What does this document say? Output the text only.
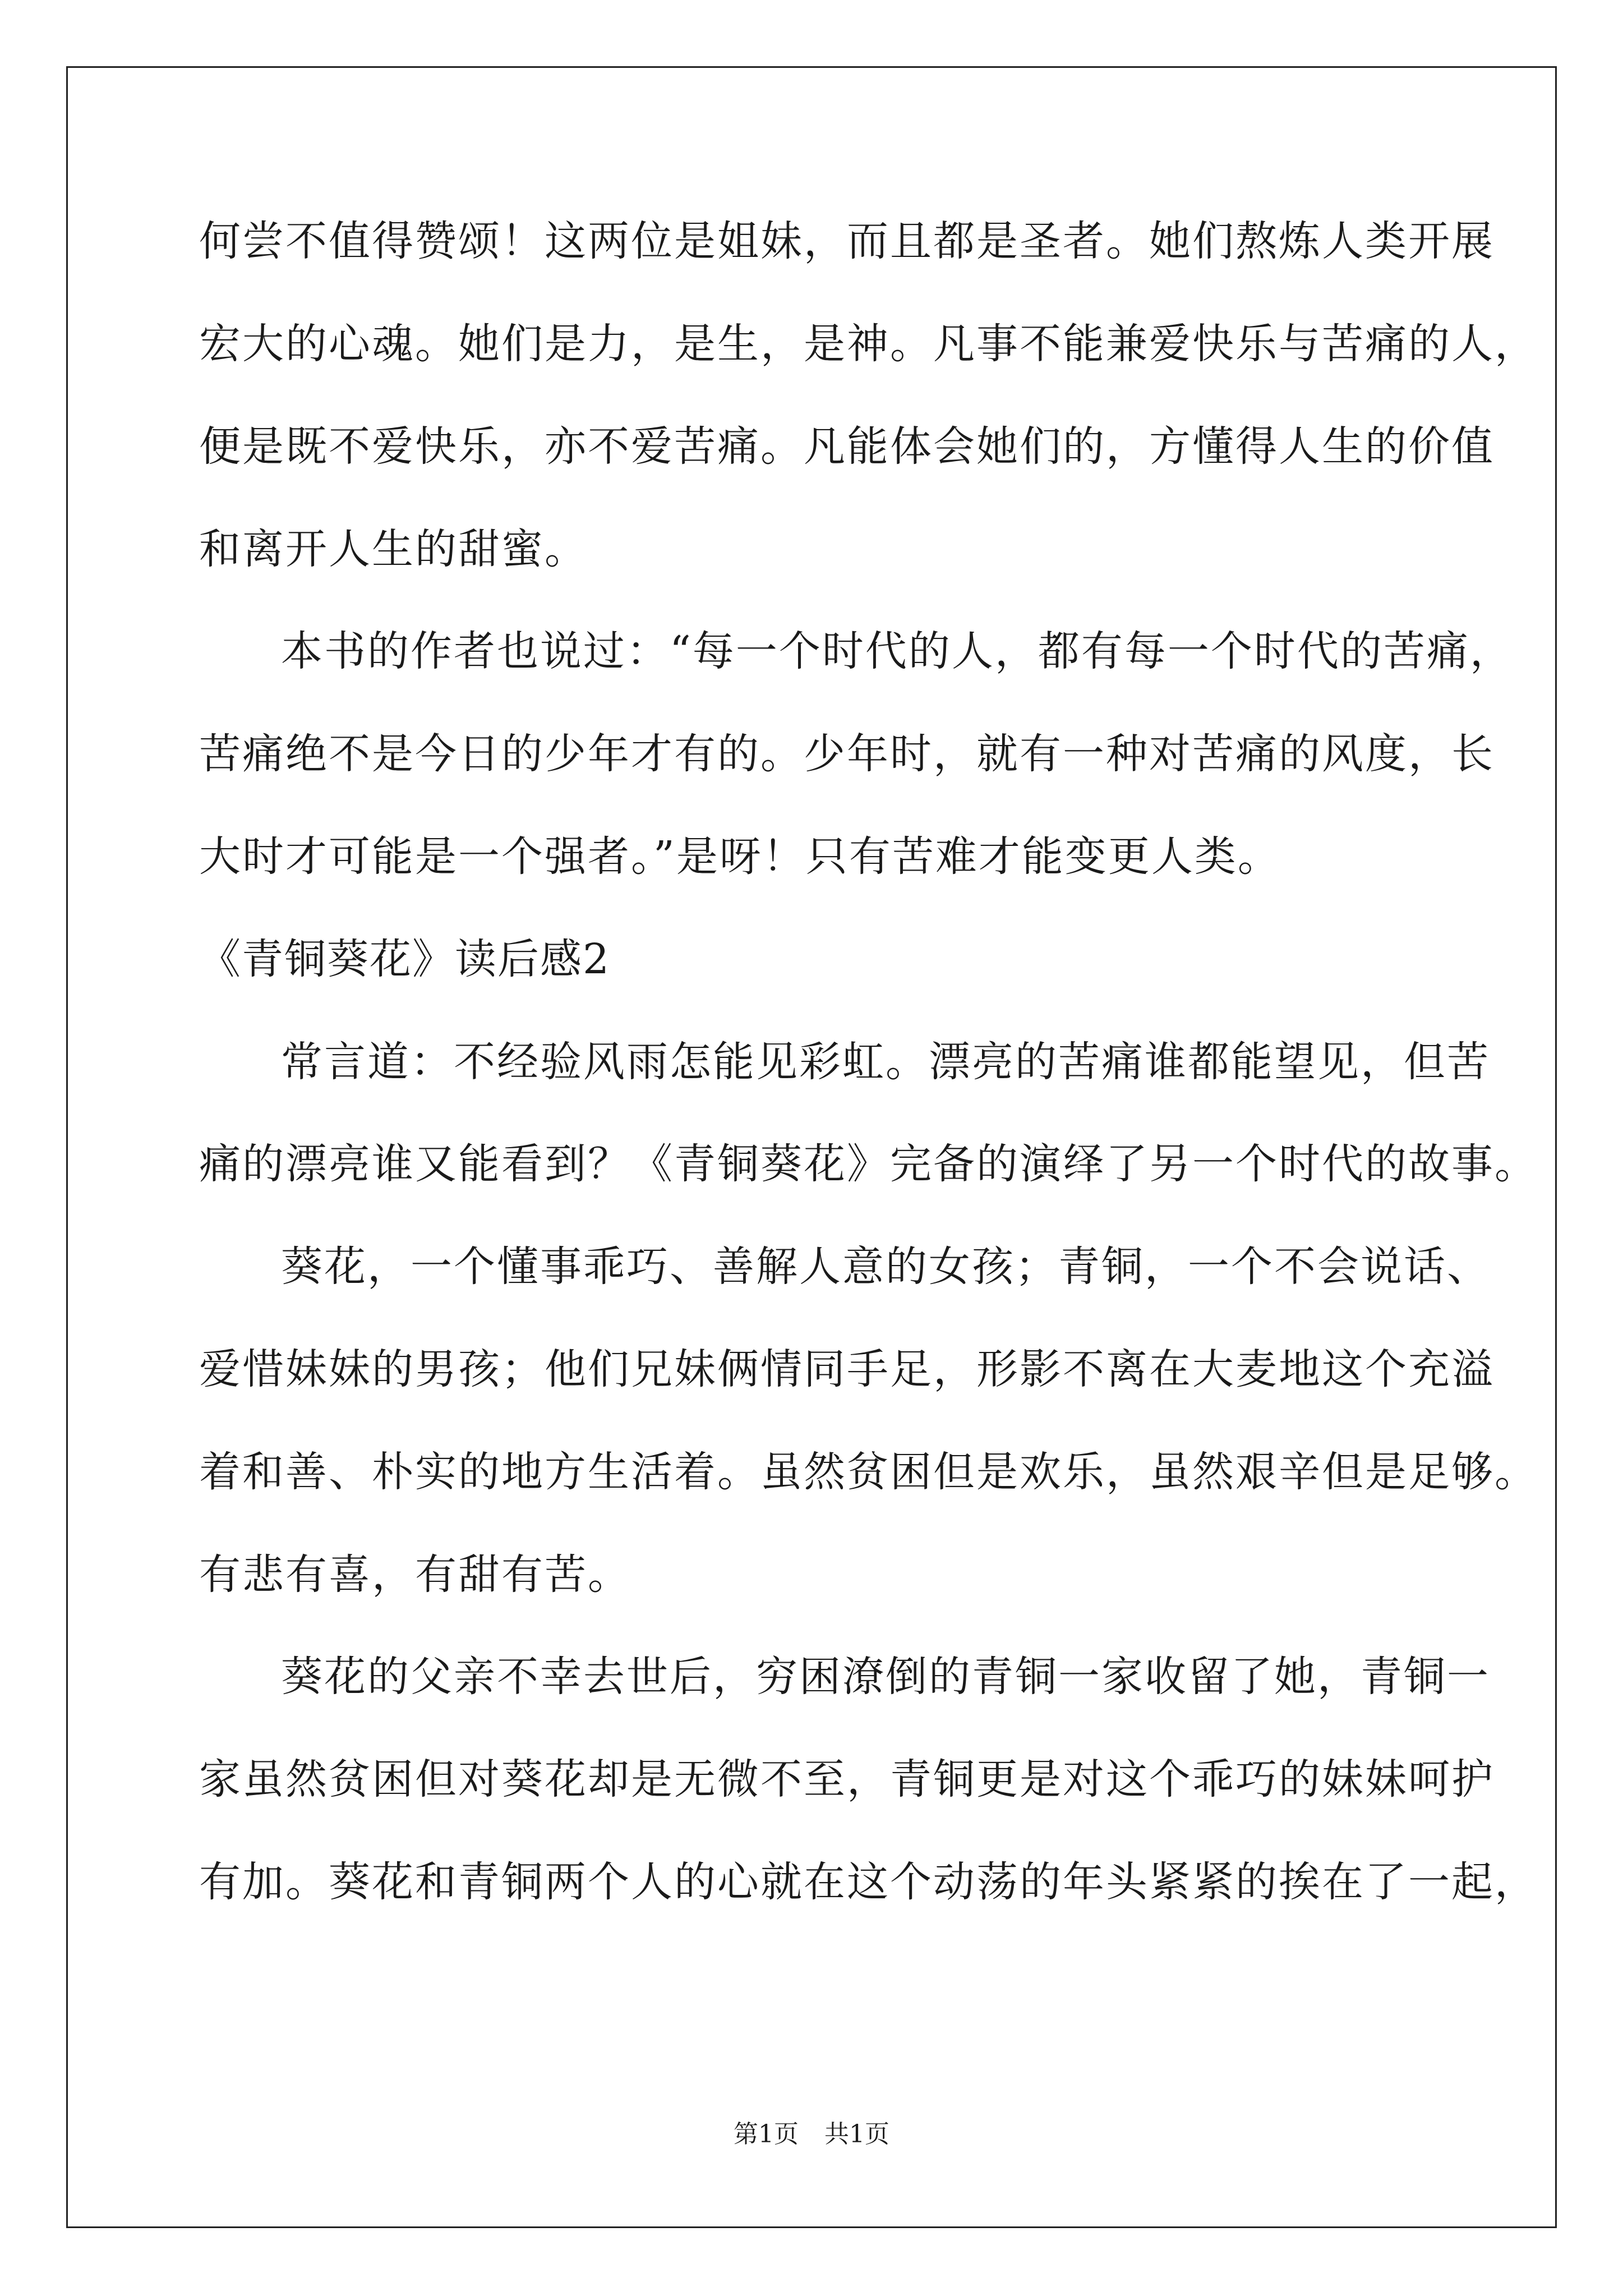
何尝不值得赞颂！这两位是姐妹，而且都是圣者。她们熬炼人类开展
宏大的心魂。她们是力，是生，是神。凡事不能兼爱快乐与苦痛的人，
便是既不爱快乐，亦不爱苦痛。凡能体会她们的，方懂得人生的价值
和离开人生的甜蜜。
本书的作者也说过：“每一个时代的人，都有每一个时代的苦痛，
苦痛绝不是今日的少年才有的。少年时，就有一种对苦痛的风度，长
大时才可能是一个强者。”是呀！只有苦难才能变更人类。
《青铜葵花》读后感2
常言道：不经验风雨怎能见彩虹。漂亮的苦痛谁都能望见，但苦
痛的漂亮谁又能看到？《青铜葵花》完备的演绎了另一个时代的故事。
葵花，一个懂事乖巧、善解人意的女孩；青铜，一个不会说话、
爱惜妹妹的男孩；他们兄妹俩情同手足，形影不离在大麦地这个充溢
着和善、朴实的地方生活着。虽然贫困但是欢乐，虽然艰辛但是足够。
有悲有喜，有甜有苦。
葵花的父亲不幸去世后，穷困潦倒的青铜一家收留了她，青铜一
家虽然贫困但对葵花却是无微不至，青铜更是对这个乖巧的妹妹呵护
有加。葵花和青铜两个人的心就在这个动荡的年头紧紧的挨在了一起，
第1页 共1页
